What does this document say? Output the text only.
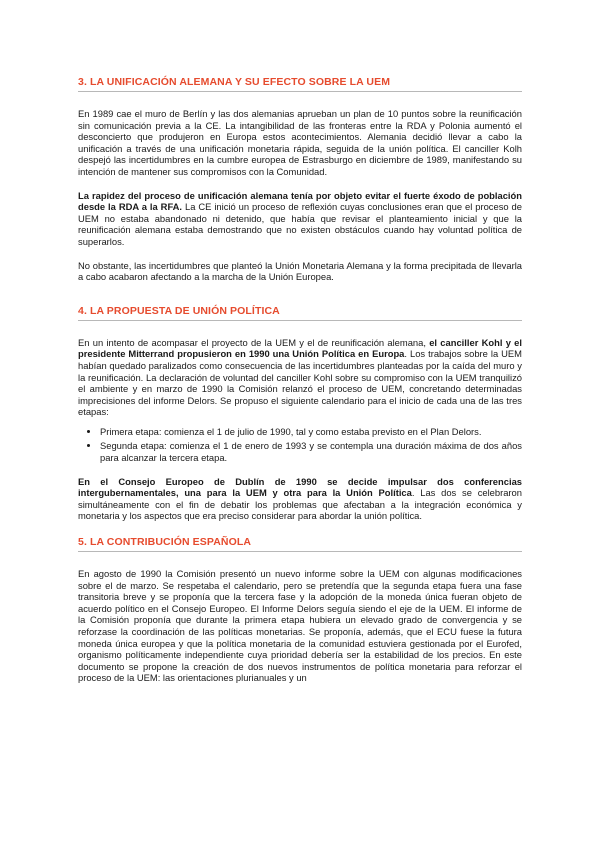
3. LA UNIFICACIÓN ALEMANA Y SU EFECTO SOBRE LA UEM

En 1989 cae el muro de Berlín y las dos alemanias aprueban un plan de 10 puntos sobre la reunificación sin comunicación previa a la CE. La intangibilidad de las fronteras entre la RDA y Polonia aumentó el desconcierto que produjeron en Europa estos acontecimientos. Alemania decidió llevar a cabo la unificación a través de una unificación monetaria rápida, seguida de la unión política. El canciller Kolh despejó las incertidumbres en la cumbre europea de Estrasburgo en diciembre de 1989, manifestando su intención de mantener sus compromisos con la Comunidad.

La rapidez del proceso de unificación alemana tenía por objeto evitar el fuerte éxodo de población desde la RDA a la RFA. La CE inició un proceso de reflexión cuyas conclusiones eran que el proceso de UEM no estaba abandonado ni detenido, que había que revisar el planteamiento inicial y que la reunificación alemana estaba demostrando que no existen obstáculos cuando hay voluntad política de superarlos.

No obstante, las incertidumbres que planteó la Unión Monetaria Alemana y la forma precipitada de llevarla a cabo acabaron afectando a la marcha de la Unión Europea.

4. LA PROPUESTA DE UNIÓN POLÍTICA

En un intento de acompasar el proyecto de la UEM y el de reunificación alemana, el canciller Kohl y el presidente Mitterrand propusieron en 1990 una Unión Política en Europa. Los trabajos sobre la UEM habían quedado paralizados como consecuencia de las incertidumbres planteadas por la caída del muro y la reunificación. La declaración de voluntad del canciller Kohl sobre su compromiso con la UEM tranquilizó el ambiente y en marzo de 1990 la Comisión relanzó el proceso de UEM, concretando determinadas imprecisiones del informe Delors. Se propuso el siguiente calendario para el inicio de cada una de las tres etapas:

• Primera etapa: comienza el 1 de julio de 1990, tal y como estaba previsto en el Plan Delors.
• Segunda etapa: comienza el 1 de enero de 1993 y se contempla una duración máxima de dos años para alcanzar la tercera etapa.

En el Consejo Europeo de Dublín de 1990 se decide impulsar dos conferencias intergubernamentales, una para la UEM y otra para la Unión Política. Las dos se celebraron simultáneamente con el fin de debatir los problemas que afectaban a la integración económica y monetaria y los aspectos que era preciso considerar para abordar la unión política.

5. LA CONTRIBUCIÓN ESPAÑOLA

En agosto de 1990 la Comisión presentó un nuevo informe sobre la UEM con algunas modificaciones sobre el de marzo. Se respetaba el calendario, pero se pretendía que la segunda etapa fuera una fase transitoria breve y se proponía que la tercera fase y la adopción de la moneda única fueran objeto de acuerdo político en el Consejo Europeo. El Informe Delors seguía siendo el eje de la UEM. El informe de la Comisión proponía que durante la primera etapa hubiera un elevado grado de convergencia y se reforzase la coordinación de las políticas monetarias. Se proponía, además, que el ECU fuese la futura moneda única europea y que la política monetaria de la comunidad estuviera gestionada por el Eurofed, organismo políticamente independiente cuya prioridad debería ser la estabilidad de los precios. En este documento se propone la creación de dos nuevos instrumentos de política monetaria para reforzar el proceso de la UEM: las orientaciones plurianuales y un
